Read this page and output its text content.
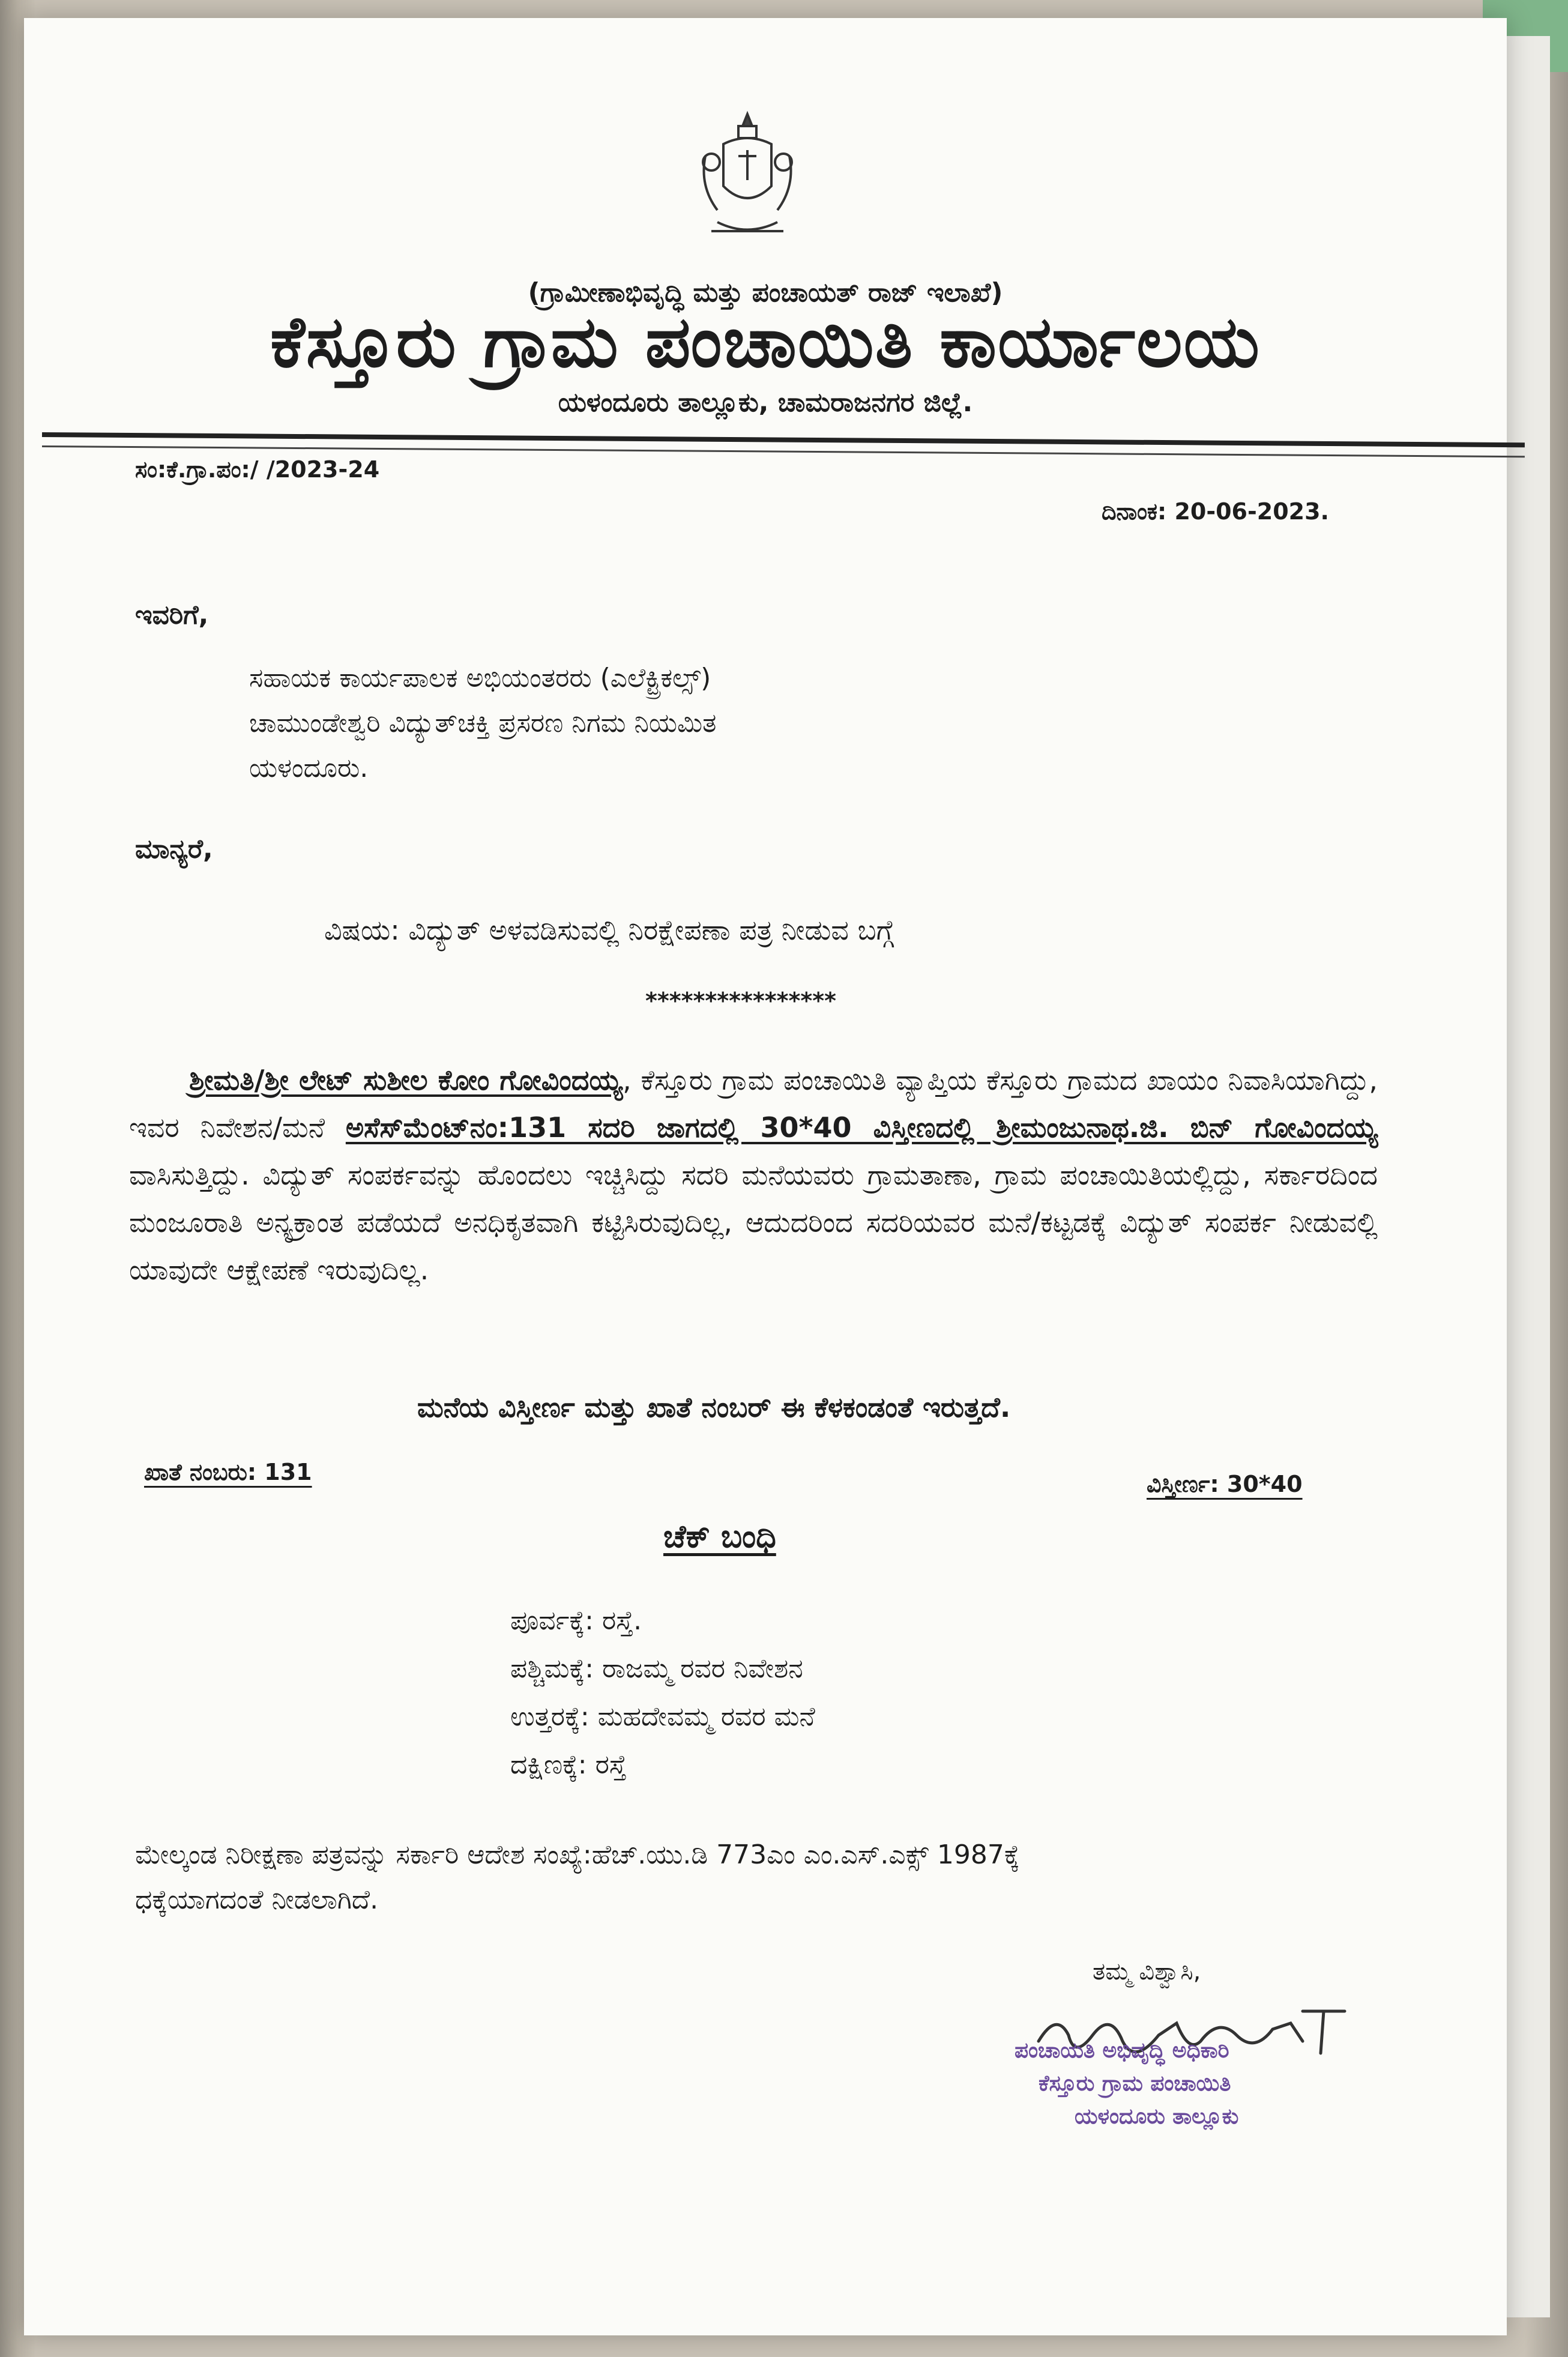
(ಗ್ರಾಮೀಣಾಭಿವೃದ್ಧಿ ಮತ್ತು ಪಂಚಾಯತ್ ರಾಜ್ ಇಲಾಖೆ)
ಕೆಸ್ತೂರು ಗ್ರಾಮ ಪಂಚಾಯಿತಿ ಕಾರ್ಯಾಲಯ
ಯಳಂದೂರು ತಾಲ್ಲೂಕು, ಚಾಮರಾಜನಗರ ಜಿಲ್ಲೆ.
ಸಂ:ಕೆ.ಗ್ರಾ.ಪಂ:/ /2023-24
ದಿನಾಂಕ: 20-06-2023.
ಇವರಿಗೆ,
ಸಹಾಯಕ ಕಾರ್ಯಪಾಲಕ ಅಭಿಯಂತರರು (ಎಲೆಕ್ಟ್ರಿಕಲ್ಸ್)
ಚಾಮುಂಡೇಶ್ವರಿ ವಿದ್ಯುತ್‌ಚಕ್ತಿ ಪ್ರಸರಣ ನಿಗಮ ನಿಯಮಿತ
ಯಳಂದೂರು.
ಮಾನ್ಯರೆ,
ವಿಷಯ: ವಿದ್ಯುತ್ ಅಳವಡಿಸುವಲ್ಲಿ ನಿರಕ್ಷೇಪಣಾ ಪತ್ರ ನೀಡುವ ಬಗ್ಗೆ
****************
ಶ್ರೀಮತಿ/ಶ್ರೀ ಲೇಟ್ ಸುಶೀಲ ಕೋಂ ಗೋವಿಂದಯ್ಯ, ಕೆಸ್ತೂರು ಗ್ರಾಮ ಪಂಚಾಯಿತಿ ವ್ಯಾಪ್ತಿಯ ಕೆಸ್ತೂರು ಗ್ರಾಮದ ಖಾಯಂ ನಿವಾಸಿಯಾಗಿದ್ದು, ಇವರ ನಿವೇಶನ/ಮನೆ ಅಸೆಸ್‌ಮೆಂಟ್‌ನಂ:131 ಸದರಿ ಜಾಗದಲ್ಲಿ 30*40 ವಿಸ್ತೀಣದಲ್ಲಿ ಶ್ರೀಮಂಜುನಾಥ.ಜಿ. ಬಿನ್ ಗೋವಿಂದಯ್ಯ ವಾಸಿಸುತ್ತಿದ್ದು. ವಿದ್ಯುತ್ ಸಂಪರ್ಕವನ್ನು ಹೊಂದಲು ಇಚ್ಚಿಸಿದ್ದು ಸದರಿ ಮನೆಯವರು ಗ್ರಾಮತಾಣಾ, ಗ್ರಾಮ ಪಂಚಾಯಿತಿಯಲ್ಲಿದ್ದು, ಸರ್ಕಾರದಿಂದ ಮಂಜೂರಾತಿ ಅನ್ಯಕ್ರಾಂತ ಪಡೆಯದೆ ಅನಧಿಕೃತವಾಗಿ ಕಟ್ಟಿಸಿರುವುದಿಲ್ಲ, ಆದುದರಿಂದ ಸದರಿಯವರ ಮನೆ/ಕಟ್ಟಡಕ್ಕೆ ವಿದ್ಯುತ್ ಸಂಪರ್ಕ ನೀಡುವಲ್ಲಿ ಯಾವುದೇ ಆಕ್ಷೇಪಣೆ ಇರುವುದಿಲ್ಲ.
ಮನೆಯ ವಿಸ್ತೀರ್ಣ ಮತ್ತು ಖಾತೆ ನಂಬರ್ ಈ ಕೆಳಕಂಡಂತೆ ಇರುತ್ತದೆ.
ಖಾತೆ ನಂಬರು: 131	ವಿಸ್ತೀರ್ಣ: 30*40
ಚೆಕ್ ಬಂಧಿ
ಪೂರ್ವಕ್ಕೆ: ರಸ್ತೆ.
ಪಶ್ಚಿಮಕ್ಕೆ: ರಾಜಮ್ಮ ರವರ ನಿವೇಶನ
ಉತ್ತರಕ್ಕೆ: ಮಹದೇವಮ್ಮ ರವರ ಮನೆ
ದಕ್ಷಿಣಕ್ಕೆ: ರಸ್ತೆ
ಮೇಲ್ಕಂಡ ನಿರೀಕ್ಷಣಾ ಪತ್ರವನ್ನು ಸರ್ಕಾರಿ ಆದೇಶ ಸಂಖ್ಯೆ:ಹೆಚ್.ಯು.ಡಿ 773ಎಂ ಎಂ.ಎಸ್.ಎಕ್ಸ್ 1987ಕ್ಕೆ
ಧಕ್ಕೆಯಾಗದಂತೆ ನೀಡಲಾಗಿದೆ.
ತಮ್ಮ ವಿಶ್ವಾಸಿ,
ಪಂಚಾಯತಿ ಅಭಿವೃದ್ಧಿ ಅಧಿಕಾರಿ
ಕೆಸ್ತೂರು ಗ್ರಾಮ ಪಂಚಾಯಿತಿ
ಯಳಂದೂರು ತಾಲ್ಲೂಕು
